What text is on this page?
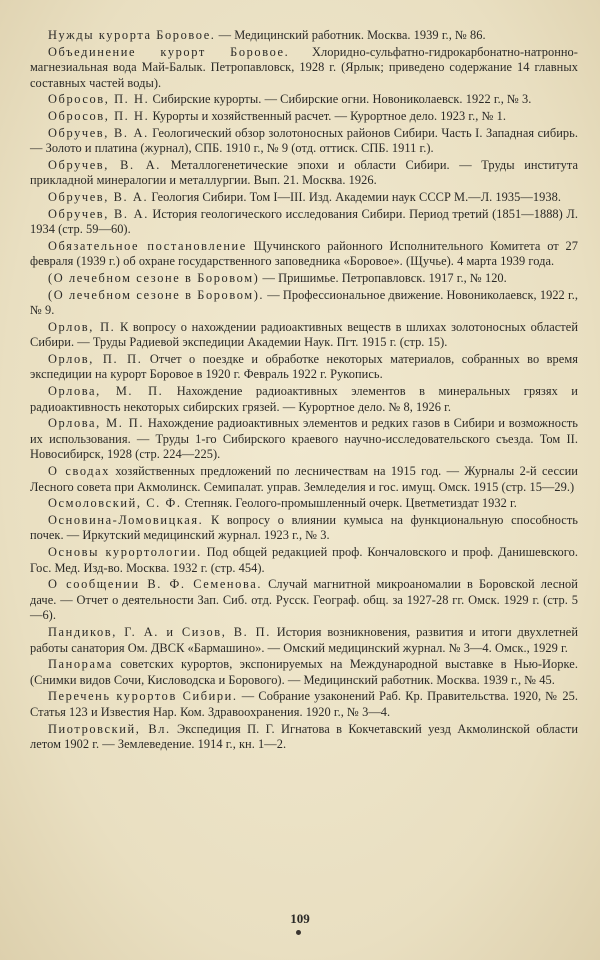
Нужды курорта Боровое. — Медицинский работник. Москва. 1939 г., № 86.

Объединение курорт Боровое. Хлоридно-сульфатно-гидрокарбонатно-натронно-магнезиальная вода Май-Балык. Петропавловск, 1928 г. (Ярлык; приведено содержание 14 главных составных частей воды).

Обросов, П. Н. Сибирские курорты. — Сибирские огни. Новониколаевск. 1922 г., № 3.

Обросов, П. Н. Курорты и хозяйственный расчет. — Курортное дело. 1923 г., № 1.

Обручев, В. А. Геологический обзор золотоносных районов Сибири. Часть I. Западная сибирь. — Золото и платина (журнал), СПБ. 1910 г., № 9 (отд. оттиск. СПБ. 1911 г.).

Обручев, В. А. Металлогенетические эпохи и области Сибири. — Труды института прикладной минералогии и металлургии. Вып. 21. Москва. 1926.

Обручев, В. А. Геология Сибири. Том I—III. Изд. Академии наук СССР М.—Л. 1935—1938.

Обручев, В. А. История геологического исследования Сибири. Период третий (1851—1888) Л. 1934 (стр. 59—60).

Обязательное постановление Щучинского районного Исполнительного Комитета от 27 февраля (1939 г.) об охране государственного заповедника «Боровое». (Щучье). 4 марта 1939 года.

(О лечебном сезоне в Боровом) — Пришимье. Петропавловск. 1917 г., № 120.

(О лечебном сезоне в Боровом). — Профессиональное движение. Новониколаевск, 1922 г., № 9.

Орлов, П. К вопросу о нахождении радиоактивных веществ в шлихах золотоносных областей Сибири. — Труды Радиевой экспедиции Академии Наук. Пгт. 1915 г. (стр. 15).

Орлов, П. П. Отчет о поездке и обработке некоторых материалов, собранных во время экспедиции на курорт Боровое в 1920 г. Февраль 1922 г. Рукопись.

Орлова, М. П. Нахождение радиоактивных элементов в минеральных грязях и радиоактивность некоторых сибирских грязей. — Курортное дело. № 8, 1926 г.

Орлова, М. П. Нахождение радиоактивных элементов и редких газов в Сибири и возможность их использования. — Труды 1-го Сибирского краевого научно-исследовательского съезда. Том II. Новосибирск, 1928 (стр. 224—225).

О сводах хозяйственных предложений по лесничествам на 1915 год. — Журналы 2-й сессии Лесного совета при Акмолинск. Семипалат. управ. Земледелия и гос. имущ. Омск. 1915 (стр. 15—29.)

Осмоловский, С. Ф. Степняк. Геолого-промышленный очерк. Цветметиздат 1932 г.

Основина-Ломовицкая. К вопросу о влиянии кумыса на функциональную способность почек. — Иркутский медицинский журнал. 1923 г., № 3.

Основы курортологии. Под общей редакцией проф. Кончаловского и проф. Данишевского. Гос. Мед. Изд-во. Москва. 1932 г. (стр. 454).

О сообщении В. Ф. Семенова. Случай магнитной микроаномалии в Боровской лесной даче. — Отчет о деятельности Зап. Сиб. отд. Русск. Географ. общ. за 1927-28 гг. Омск. 1929 г. (стр. 5—6).

Пандиков, Г. А. и Сизов, В. П. История возникновения, развития и итоги двухлетней работы санатория Ом. ДВСК «Бармашино». — Омский медицинский журнал. № 3—4. Омск., 1929 г.

Панорама советских курортов, экспонируемых на Международной выставке в Нью-Иорке. (Снимки видов Сочи, Кисловодска и Борового). — Медицинский работник. Москва. 1939 г., № 45.

Перечень курортов Сибири. — Собрание узаконений Раб. Кр. Правительства. 1920, № 25. Статья 123 и Известия Нар. Ком. Здравоохранения. 1920 г., № 3—4.

Пиотровский, Вл. Экспедиция П. Г. Игнатова в Кокчетавский уезд Акмолинской области летом 1902 г. — Землеведение. 1914 г., кн. 1—2.

109
